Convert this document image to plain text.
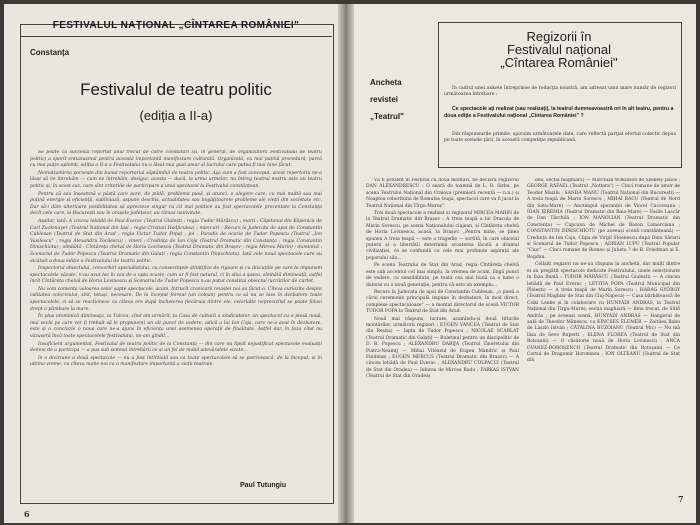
FESTIVALUL NAȚIONAL „CÎNTAREA ROMÂNIEI"
Constanța
Festivalul de teatru politic
(ediția a II-a)

Se poate că succesul reportat anul trecut de către constatări (și, în general, de organizatorii Festivalului de teatru politic) a sporit entuziasmul pentru această importantă manifestare culturală. Organizată, cu mai puțină procedură, parcă cu mai puțin aplomb, ediția a II-a a Festivalului nu-a lăsat mai gust amar al lucrului care putea fi mai bine făcut.

Nemulțumirea pornește din bunul reportorial săptămînii de teatru politic. Aşa cum a fost conceput, acest repertoriu ne-a lăsat să ne întrebăm — cum ne întrebăm, desigur, acesta — dacă, la urma urmelor, nu întreg teatrul nostru este un teatru politic și, în acest caz, care sînt criteriile de participare a unui spectacol la Festivalul constănțean.

Pentru că sau înseamnă a păstă care pare, de pildă, problema pusă, și atunci, o alegere care, cu mai multă sau mai puțină energie și eficiență, subliniază, aspune deschis, actualitatea sau bogăţitoarele probleme ale vieţii din societate etc. Dar să-i dăm ulterioare posibilitatea să aprecieze singur cu cît mai politice au fost spectacolele prezentate la Constanța decît cele care, la București sau în orașele județelor, au rămas neinvitate.

Așadar, iată: A cincea lebădă de Paul Everac (Teatrul Giulești ; regia Tudor Mărăscu) ; marți : Căpitanul din Köpenick de Carl Zuckmayer (Teatrul Național din Iași ; regia Crisțian Hadjiculea) ; miercuri : Recurs la Judecata de apoi de Constantin Cublesan (Teatrul de Stat din Arad ; regia Victor Tudor Popa) ; joi : Paradis de ocazie de Tudor Popescu (Teatrul „Ion Vasilescu" ; regia Alexandru Tocilescu) ; vineri : Credința de Ion Coja (Teatrul Dramatic din Constanța ; regia Constantin Dinischiotu) ; sîmbătă : Cîntăreța chelvă de Horia Lovinescu (Teatrul Dramatic din Brașov ; regia Mircea Marin) ; duminică : Scenariul de Tudor Popescu (Teatrul Dramatic din Galați ; regia Constantin Dinischiotu). Iată cele nouă spectacole care au alcătuit a doua ediție a Festivalului de teatru politic.

Inspectorul obiectului, convorbiri specialistului, cu consecinţele științifice de rigoare și cu discuțiile pe care le impunem spectacolele văzute, n-au avut loc în cea de-a opta ocazie, cum ar fi fost natural, ci în sîna a șasea, sîmbătă dimineață, astfel încît Cîntăreța chelvă de Horia Lovinescu și Scenariul de Tudor Popescu n-au putut constitui obiectul lucrărilor de curtet.

Nu vom comenta valoarea celor șapte spectacole, acum, întrucît cronicarii revistei noi au făcut-o. Cîteva curiozite despre calitatea colocviului, sînt, totuși, necesare. De la început formul (un coloan) pentru ca să nu se lase în dezbatere toate spectacolele, ci să se reactioneze cu cîteva ore după încheierea fiecăruia dintre ele, celorlalte neprecizînd se poate folosi drept o plimbare la mare.

În plus (dominică dimineaţa, la Tulcea, cînd am urmărit, la Casa de cultură a sindicatelor, un spectacol cu o piesă nouă, mai vechi pe care vor fi trebuit să le propunem) un alt punct de vedere, adică a lui Ion Coja, care ne-a avut în dezbatere, este și o concluzie o noua care ne-a ajuns în eficienţa unei asemenea operații de finalitate. Astfel dar, în faza cînd nu văzuseră încă toate spectacolele festivalului, ne-am gîndit...

Insuficient argumentat, Festivalul de teatru politic de la Constanța — din care nu lipsit nejustificat spectacole evaluații demne de a participa — a pus sub semnul întrebării ce și un fel de mobil adevăratele vizate...

în o diviziune a două spectacole — nu a fost întîrziată sau ca toate spectacolele să se potrivească, de la început, și în ultima vreme, cu cîteva nume noi ca o manifestare importantă a vieții teatrale.

Paul Tutungiu
6
Ancheta
revistei
„Teatrul"
Regizorii în
Festivalul național
„Cîntarea României"
În cadrul unei ankete întreprinse de redacţia noastră, am adresat unui mare număr de regizori următoarea întrebare :
Ce spectacole aţi realizat (sau realizaţi), la teatrul dumneavoastră ori în alt teatru, pentru a doua ediţie a Festivalului național „Cîntarea României" ?
Din răspunsurile primite, spicuim următoarele date, care reflectă parţial efortul colectiv depus pe toate scenele ţării, în această competiţie republicană.

Vă fi prezent în Festival cu două montări, ne declară regizorul DAN ALEXANDRESCU : O seară de toamnă de L. B. Sirbu, pe scena Teatrului Național din Craiova (premieră recentă — n.n.) și Noaptea coboritului de Romulus Guga, spectacol care va fi jucat la Teatrul Național din Tîrgu-Mureș".

Trei două spectacole a realizat și regizorul MIRCEA MARIN de la Teatrul Dramatic din Brașov : A treia țeapă a lui Dracula de Marin Sorescu, pe scena Naţionalului clujean, și Cîntăreța chelvă de Horia Lovinescu, acasă, la Brașov. „Pentru mine, se ținea spunea A treia țeapă — este o tragedie — sortită, în care obiceiul puterii și a libertății determină scoaterea lăcată a drumul civilizației, ce se confundă cu cele mai profunde aspirații ale poporului său...

Pe scena Teatrului de Stat din Arad, regia Cîntăreța chelvă este sub accentul cel mai simplu, la vremea de acum, lîngă punct de vedere, cu sensibilitate, pe toată cea mai bună ca o lume o datorie cu o nouă generație, pentru că este un exemplu...

Recurs la Judecata de apoi de Constantin Cublesan, „o piesă a cărui ceremonie principală impune în dezbatere, în mod direct, complexe spectaculoase" — a montat directorul de scenă VICTOR TUDOR POPA la Teatrul de Stat din Arad.

Nouă mai răspuns, lucrate, asumîndu-și două titlurile montărilor, următorii regizori : EUGEN VANCEA (Teatrul de Stat din Reșița) — Iapta de Tudor Popescu ; NICOLAE SCARLAT (Teatrul Dramatic din Galați) — Buletinul pentru un diacipolitic de D. R. Popescu ; ALEXANDRU DABIJA (Teatrul Tineretului din Piatra-Neamţ) — Mihai Viteazul de Eugen Mandric și Paul Findman ; EUGEN MERCUS (Teatrul Dramatic din Brașov) — A cincea lebădă de Paul Everac ; ALEXANDRU COLPACCI (Teatrul de Stat din Oradea) — Iubirea de Mircea Radu ; FARKAS ISTVAN (Teatrul de Stat din Oradea)

dea, secția maghiară) — Marchiza Wilkinson de Székely János ; GEORGE RAFAEL (Teatrul „Nottara") — Cinci romane de amor de Teodor Mazilu ; SANDA MANU (Teatrul Național din București) — A treia țeapă de Marin Sorescu ; MIHAI RACU (Teatrul de Nord din Satu-Mare) — Anotimpul speranței de Viorel Cacoveanu ; IOAN IEREMIA (Teatrul Dramatic din Baia-Mare) — Vasile Lascăr de Dan Tărchilă ; ION MANOLIAN (Teatrul Dramatic din Constanța) — Capcana de Michel de Bazon Lamerciana ; CONSTANTIN DINISCHIOTU (pe aceeași scenă constănțeană) — Credința de Ion Coja, Clipa de Virgil Stoenescu după Dinu Săraru și Scenarul de Tudor Popescu ; ADRIAN LUPU (Teatrul Popular "Ciuc" — Cinci romane de Romeo și Julieta ? de B. Friedman și E. Bogdan.

Cellalți regizori nu ne-au răspuns la anchetă, dar mulți dintre ei au pregătit spectacole dedicate Festivalului, unele selecționate în faza finală : TUDOR MĂRĂSCU (Teatrul Giulești) — A cincea lebădă de Paul Everac ; LETIȚIA POPA (Teatrul Municipal din Ploiești) — A treia țeapă de Marin Sorescu ; HARAG GYÖRGY (Teatrul Maghiar de Stat din Cluj-Napoca) — Casa bărbătească de Csiki Lenke și în colaborare cu HUNYADI ANDRÁS, la Teatrul Național din Tîrgu-Mureș, secția maghiară — Bine trecut, de Sütő András ; pe aceeași scenă, HUNYADI ANDRAS — Hangerul de aulă de Theodor Mănescu, cu KINCSES ELEMÉR — Zeitilea Babu de László István ; CĂTĂLINA BUZOIANU (Teatrul Mic) — Nu mă lăsa de Seve Ruperti ; ELENA FLOREA (Teatrul de Stat din Botoșani) — O căsătorie nouă de Horia Lovinescu ; ANCA OVANEZ-DOROȘENCO (Teatrul Dramatic din Botoșani) — Ce Cortul de Dragomir Horomnea ; ION OLTEANU (Teatrul de Stat din

7
